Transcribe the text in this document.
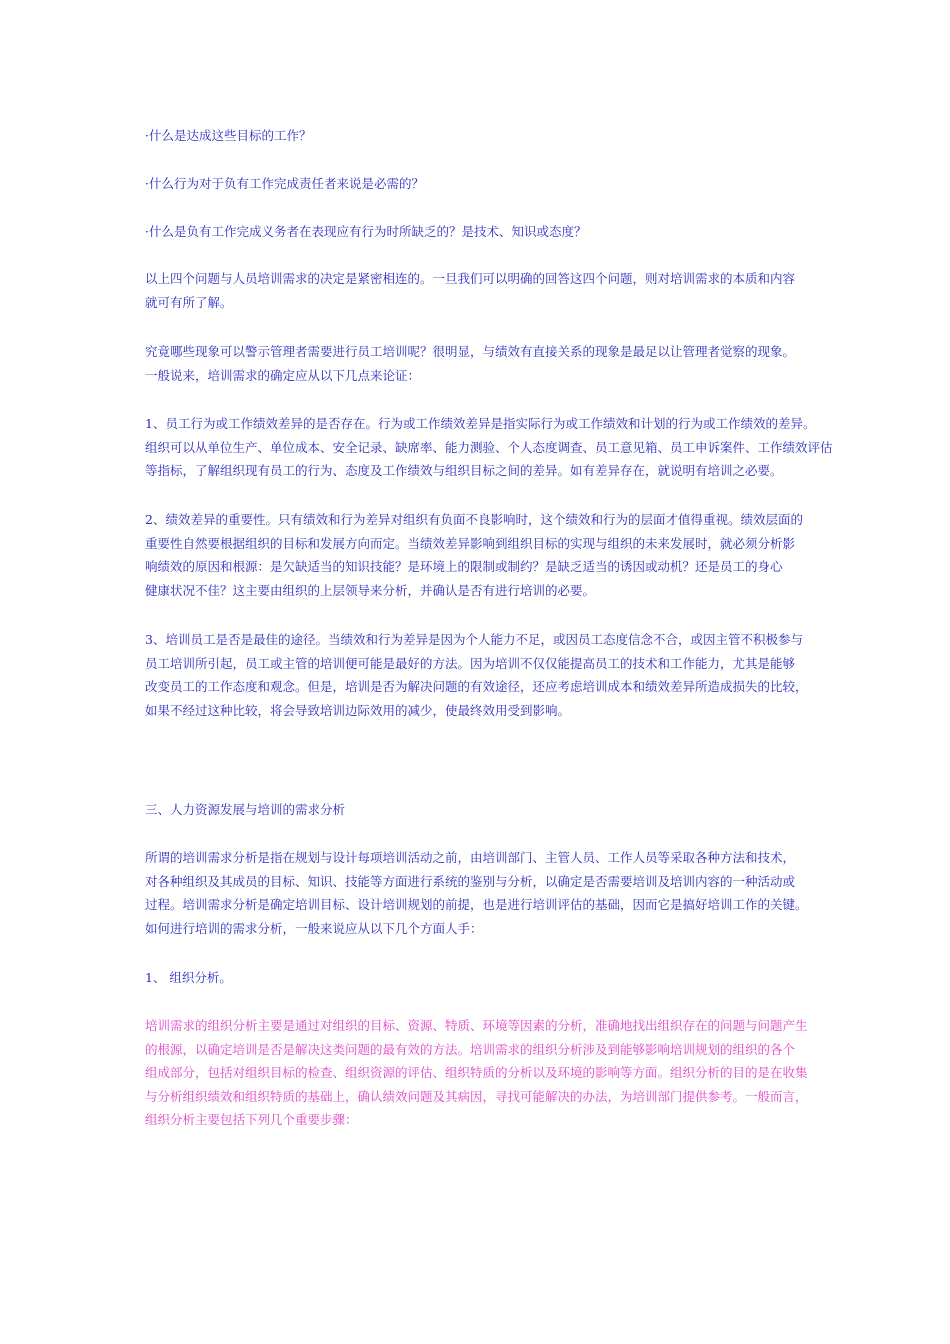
·什么是达成这些目标的工作？

·什么行为对于负有工作完成责任者来说是必需的？

·什么是负有工作完成义务者在表现应有行为时所缺乏的？是技术、知识或态度？

以上四个问题与人员培训需求的决定是紧密相连的。一旦我们可以明确的回答这四个问题，则对培训需求的本质和内容
就可有所了解。

究竟哪些现象可以警示管理者需要进行员工培训呢？很明显，与绩效有直接关系的现象是最足以让管理者觉察的现象。
一般说来，培训需求的确定应从以下几点来论证：

1、员工行为或工作绩效差异的是否存在。行为或工作绩效差异是指实际行为或工作绩效和计划的行为或工作绩效的差异。
组织可以从单位生产、单位成本、安全记录、缺席率、能力测验、个人态度调查、员工意见箱、员工申诉案件、工作绩效评估
等指标，了解组织现有员工的行为、态度及工作绩效与组织目标之间的差异。如有差异存在，就说明有培训之必要。

2、绩效差异的重要性。只有绩效和行为差异对组织有负面不良影响时，这个绩效和行为的层面才值得重视。绩效层面的
重要性自然要根据组织的目标和发展方向而定。当绩效差异影响到组织目标的实现与组织的未来发展时，就必须分析影
响绩效的原因和根源：是欠缺适当的知识技能？是环境上的限制或制约？是缺乏适当的诱因或动机？还是员工的身心
健康状况不佳？这主要由组织的上层领导来分析，并确认是否有进行培训的必要。

3、培训员工是否是最佳的途径。当绩效和行为差异是因为个人能力不足，或因员工态度信念不合，或因主管不积极参与
员工培训所引起，员工或主管的培训便可能是最好的方法。因为培训不仅仅能提高员工的技术和工作能力，尤其是能够
改变员工的工作态度和观念。但是，培训是否为解决问题的有效途径，还应考虑培训成本和绩效差异所造成损失的比较，
如果不经过这种比较，将会导致培训边际效用的减少，使最终效用受到影响。

三、人力资源发展与培训的需求分析

所谓的培训需求分析是指在规划与设计每项培训活动之前，由培训部门、主管人员、工作人员等采取各种方法和技术，
对各种组织及其成员的目标、知识、技能等方面进行系统的鉴别与分析，以确定是否需要培训及培训内容的一种活动或
过程。培训需求分析是确定培训目标、设计培训规划的前提，也是进行培训评估的基础，因而它是搞好培训工作的关键。
如何进行培训的需求分析，一般来说应从以下几个方面人手：

1、 组织分析。

培训需求的组织分析主要是通过对组织的目标、资源、特质、环境等因素的分析，准确地找出组织存在的问题与问题产生
的根源，以确定培训是否是解决这类问题的最有效的方法。培训需求的组织分析涉及到能够影响培训规划的组织的各个
组成部分，包括对组织目标的检查、组织资源的评估、组织特质的分析以及环境的影响等方面。组织分析的目的是在收集
与分析组织绩效和组织特质的基础上，确认绩效问题及其病因，寻找可能解决的办法，为培训部门提供参考。一般而言，
组织分析主要包括下列几个重要步骤：
